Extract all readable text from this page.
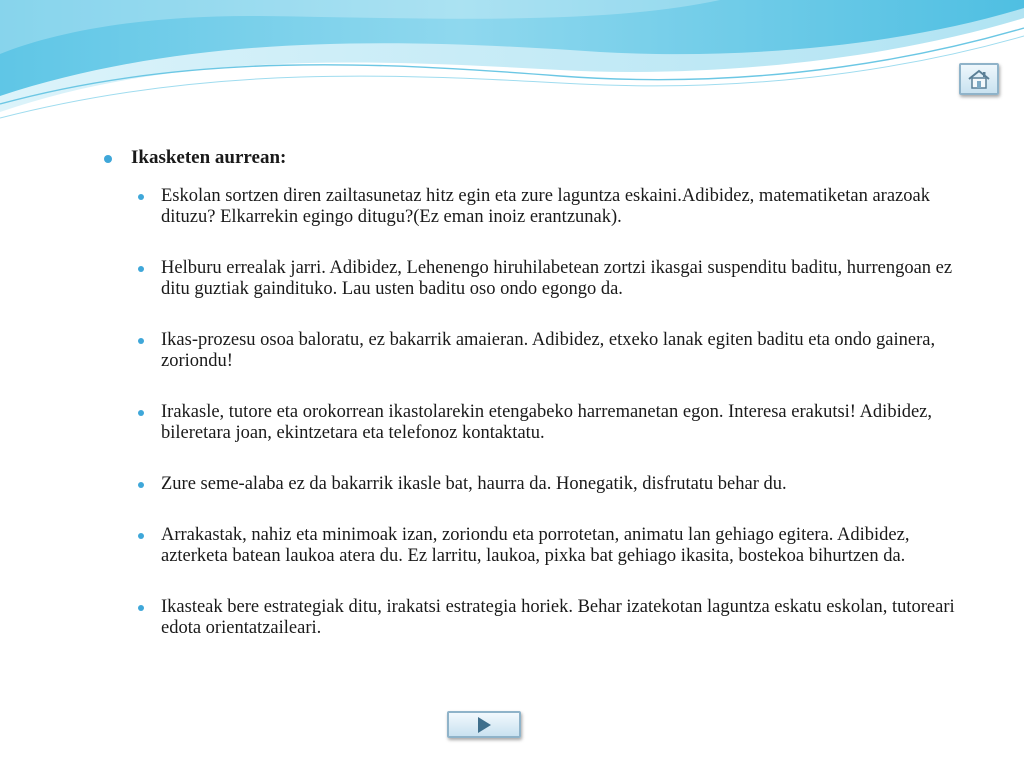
Ikasketen aurrean:
Eskolan sortzen diren zailtasunetaz hitz egin eta zure laguntza eskaini.Adibidez, matematiketan arazoak dituzu? Elkarrekin egingo ditugu?(Ez eman inoiz erantzunak).
Helburu errealak jarri. Adibidez, Lehenengo hiruhilabetean zortzi ikasgai suspenditu baditu, hurrengoan ez ditu guztiak gaindituko. Lau usten baditu oso ondo egongo da.
Ikas-prozesu osoa baloratu, ez bakarrik amaieran. Adibidez, etxeko lanak egiten baditu eta ondo gainera, zoriondu!
Irakasle, tutore eta orokorrean ikastolarekin etengabeko harremanetan egon. Interesa erakutsi! Adibidez, bileretara joan, ekintzetara eta telefonoz kontaktatu.
Zure seme-alaba ez da bakarrik ikasle bat, haurra da. Honegatik, disfrutatu behar du.
Arrakastak, nahiz eta minimoak izan, zoriondu eta porrotetan, animatu lan gehiago egitera. Adibidez, azterketa batean laukoa atera du. Ez larritu, laukoa, pixka bat gehiago ikasita, bostekoa bihurtzen da.
Ikasteak bere estrategiak ditu, irakatsi estrategia horiek. Behar izatekotan laguntza eskatu eskolan, tutoreari edota orientatzaileari.
